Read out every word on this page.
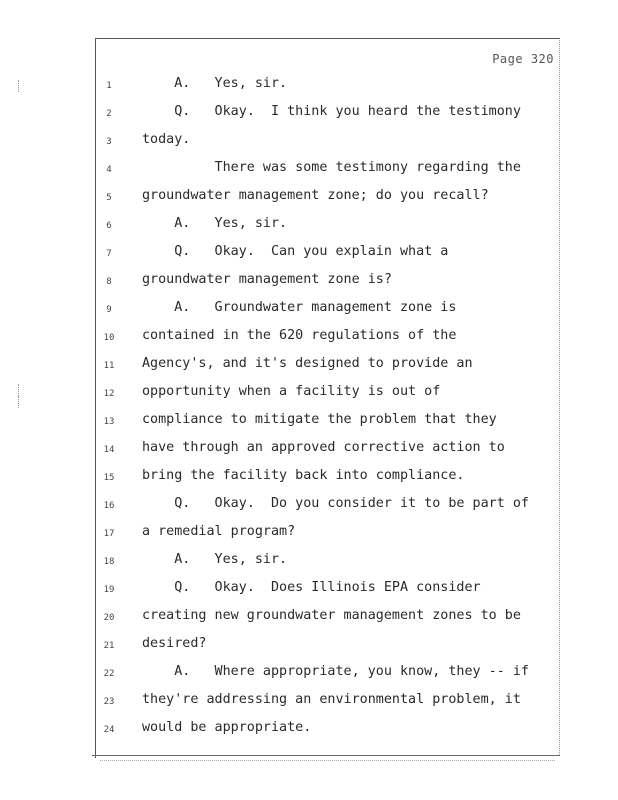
Page 320
1
2
3
4
5
6
7
8
9
10
11
12
13
14
15
16
17
18
19
20
21
22
23
24
A.   Yes, sir.
Q.   Okay.  I think you heard the testimony
today.
There was some testimony regarding the
groundwater management zone; do you recall?
A.   Yes, sir.
Q.   Okay.  Can you explain what a
groundwater management zone is?
A.   Groundwater management zone is
contained in the 620 regulations of the
Agency's, and it's designed to provide an
opportunity when a facility is out of
compliance to mitigate the problem that they
have through an approved corrective action to
bring the facility back into compliance.
Q.   Okay.  Do you consider it to be part of
a remedial program?
A.   Yes, sir.
Q.   Okay.  Does Illinois EPA consider
creating new groundwater management zones to be
desired?
A.   Where appropriate, you know, they -- if
they're addressing an environmental problem, it
would be appropriate.
